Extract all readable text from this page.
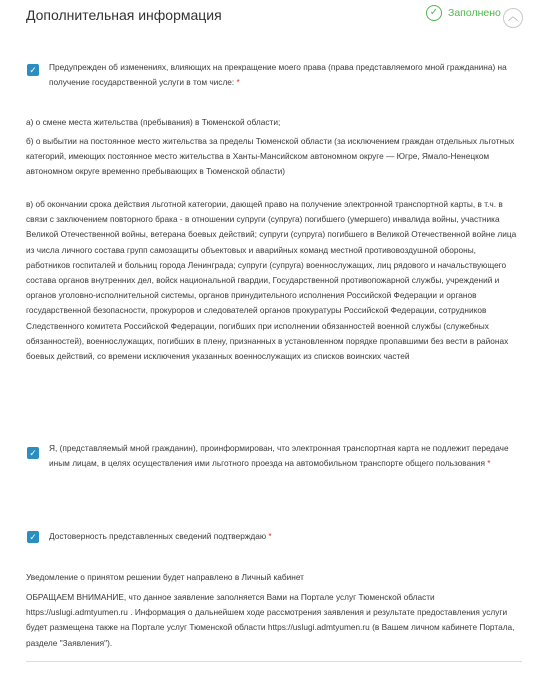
Дополнительная информация	✓ Заполнено ︿
✓ Предупрежден об изменениях, влияющих на прекращение моего права (права представляемого мной гражданина) на получение государственной услуги в том числе: *
а) о смене места жительства (пребывания) в Тюменской области;
б) о выбытии на постоянное место жительства за пределы Тюменской области (за исключением граждан отдельных льготных категорий, имеющих постоянное место жительства в Ханты-Мансийском автономном округе — Югре, Ямало-Ненецком автономном округе временно пребывающих в Тюменской области)
в) об окончании срока действия льготной категории, дающей право на получение электронной транспортной карты, в т.ч. в связи с заключением повторного брака - в отношении супруги (супруга) погибшего (умершего) инвалида войны, участника Великой Отечественной войны, ветерана боевых действий; супруги (супруга) погибшего в Великой Отечественной войне лица из числа личного состава групп самозащиты объектовых и аварийных команд местной противовоздушной обороны, работников госпиталей и больниц города Ленинграда; супруги (супруга) военнослужащих, лиц рядового и начальствующего состава органов внутренних дел, войск национальной гвардии, Государственной противопожарной службы, учреждений и органов уголовно-исполнительной системы, органов принудительного исполнения Российской Федерации и органов государственной безопасности, прокуроров и следователей органов прокуратуры Российской Федерации, сотрудников Следственного комитета Российской Федерации, погибших при исполнении обязанностей военной службы (служебных обязанностей), военнослужащих, погибших в плену, признанных в установленном порядке пропавшими без вести в районах боевых действий, со времени исключения указанных военнослужащих из списков воинских частей
✓ Я, (представляемый мной гражданин), проинформирован, что электронная транспортная карта не подлежит передаче иным лицам, в целях осуществления ими льготного проезда на автомобильном транспорте общего пользования *
✓ Достоверность представленных сведений подтверждаю *
Уведомление о принятом решении будет направлено в Личный кабинет
ОБРАЩАЕМ ВНИМАНИЕ, что данное заявление заполняется Вами на Портале услуг Тюменской области https://uslugi.admtyumen.ru . Информация о дальнейшем ходе рассмотрения заявления и результате предоставления услуги будет размещена также на Портале услуг Тюменской области https://uslugi.admtyumen.ru (в Вашем личном кабинете Портала, разделе "Заявления").
